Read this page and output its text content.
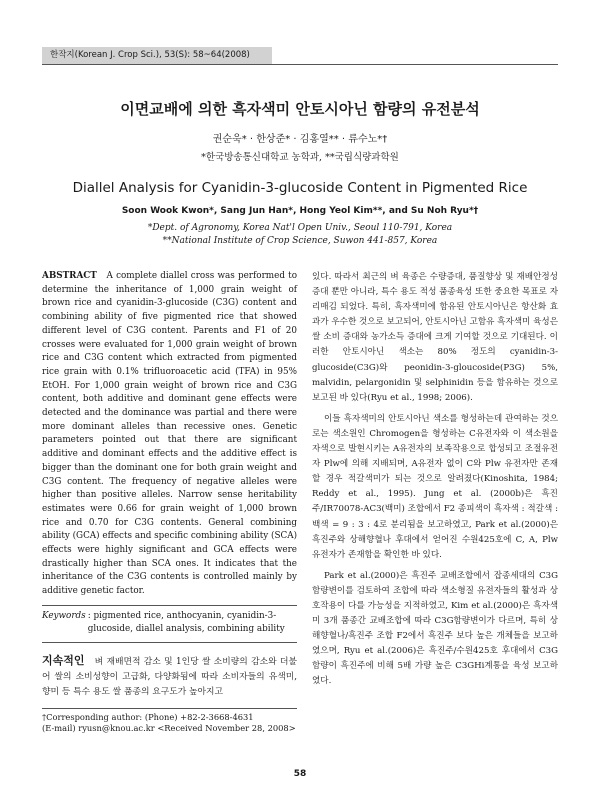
한작지(Korean J. Crop Sci.), 53(S): 58~64(2008)
이면교배에 의한 흑자색미 안토시아닌 함량의 유전분석
권순욱* · 한상준* · 김홍열** · 류수노*†
*한국방송통신대학교 농학과, **국립식량과학원
Diallel Analysis for Cyanidin-3-glucoside Content in Pigmented Rice
Soon Wook Kwon*, Sang Jun Han*, Hong Yeol Kim**, and Su Noh Ryu*†
*Dept. of Agronomy, Korea Nat'l Open Univ., Seoul 110-791, Korea
**National Institute of Crop Science, Suwon 441-857, Korea
ABSTRACT A complete diallel cross was performed to determine the inheritance of 1,000 grain weight of brown rice and cyanidin-3-glucoside (C3G) content and combining ability of five pigmented rice that showed different level of C3G content. Parents and F1 of 20 crosses were evaluated for 1,000 grain weight of brown rice and C3G content which extracted from pigmented rice grain with 0.1% trifluoroacetic acid (TFA) in 95% EtOH. For 1,000 grain weight of brown rice and C3G content, both additive and dominant gene effects were detected and the dominance was partial and there were more dominant alleles than recessive ones. Genetic parameters pointed out that there are significant additive and dominant effects and the additive effect is bigger than the dominant one for both grain weight and C3G content. The frequency of negative alleles were higher than positive alleles. Narrow sense heritability estimates were 0.66 for grain weight of 1,000 brown rice and 0.70 for C3G contents. General combining ability (GCA) effects and specific combining ability (SCA) effects were highly significant and GCA effects were drastically higher than SCA ones. It indicates that the inheritance of the C3G contents is controlled mainly by additive genetic factor.
Keywords : pigmented rice, anthocyanin, cyanidin-3-glucoside, diallel analysis, combining ability
지속적인 벼 재배면적 감소 및 1인당 쌀 소비량의 감소와 더불어 쌀의 소비성향이 고급화, 다양화됨에 따라 소비자들의 유색미, 향미 등 특수 용도 쌀 품종의 요구도가 높아지고
†Corresponding author: (Phone) +82-2-3668-4631
(E-mail) ryusn@knou.ac.kr <Received November 28, 2008>

있다. 따라서 최근의 벼 육종은 수량증대, 품질향상 및 재배안정성 증대 뿐만 아니라, 특수 용도 적성 품종육성 또한 중요한 목표로 자리매김 되었다. 특히, 흑자색미에 함유된 안토시아닌은 항산화 효과가 우수한 것으로 보고되어, 안토시아닌 고함유 흑자색미 육성은 쌀 소비 증대와 농가소득 증대에 크게 기여할 것으로 기대된다. 이러한 안토시아닌 색소는 80% 정도의 cyanidin-3-glucoside(C3G)와 peonidin-3-gloucoside(P3G) 5%, malvidin, pelargonidin 및 selphinidin 등을 함유하는 것으로 보고된 바 있다(Ryu et al., 1998; 2006).

이들 흑자색미의 안토시아닌 색소를 형성하는데 관여하는 것으로는 색소원인 Chromogen을 형성하는 C유전자와 이 색소원을 자색으로 발현시키는 A유전자의 보족작용으로 합성되고 조절유전자 Plw에 의해 지배되며, A유전자 없이 C와 Plw 유전자만 존재할 경우 적갈색미가 되는 것으로 알려졌다(Kinoshita, 1984; Reddy et al., 1995). Jung et al. (2000b)은 흑진주/IR70078-AC3(백미) 조합에서 F2 종피색이 흑자색 : 적갈색 : 백색 = 9 : 3 : 4로 분리됨을 보고하였고, Park et al.(2000)은 흑진주와 상해향혈나 후대에서 얻어진 수원425호에 C, A, Plw 유전자가 존재함을 확인한 바 있다.

Park et al.(2000)은 흑진주 교배조합에서 잡종세대의 C3G 함량변이를 검토하여 조합에 따라 색소형질 유전자들의 활성과 상호작용이 다를 가능성을 지적하였고, Kim et al.(2000)은 흑자색미 3개 품종간 교배조합에 따라 C3G함량변이가 다르며, 특히 상해향혈나/흑진주 조합 F2에서 흑진주 보다 높은 개체들을 보고하였으며, Ryu et al.(2006)은 흑진주/수원425호 후대에서 C3G함량이 흑진주에 비해 5배 가량 높은 C3GHi계통을 육성 보고하였다.

58
